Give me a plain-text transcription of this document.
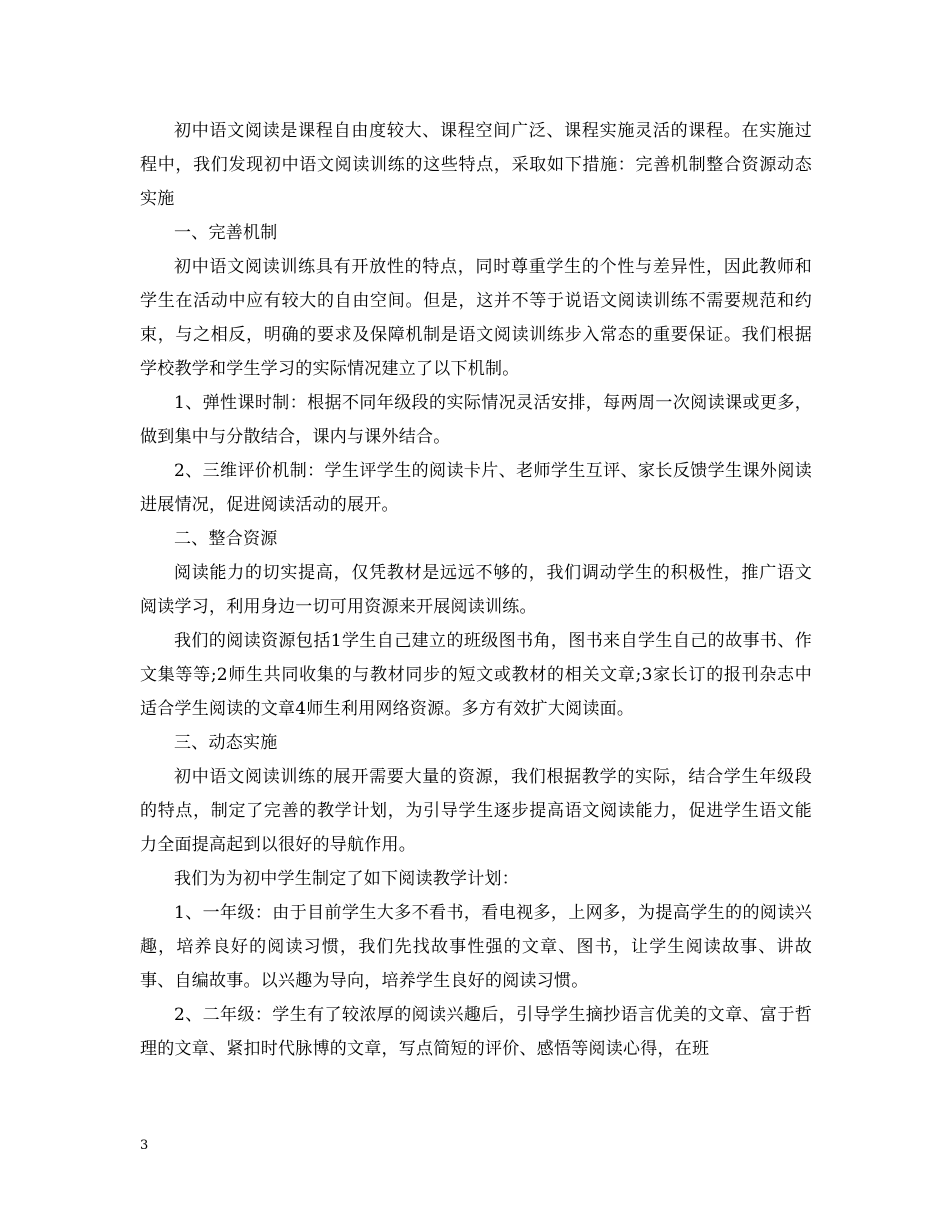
初中语文阅读是课程自由度较大、课程空间广泛、课程实施灵活的课程。在实施过程中，我们发现初中语文阅读训练的这些特点，采取如下措施：完善机制整合资源动态实施

一、完善机制

初中语文阅读训练具有开放性的特点，同时尊重学生的个性与差异性，因此教师和学生在活动中应有较大的自由空间。但是，这并不等于说语文阅读训练不需要规范和约束，与之相反，明确的要求及保障机制是语文阅读训练步入常态的重要保证。我们根据学校教学和学生学习的实际情况建立了以下机制。

1、弹性课时制：根据不同年级段的实际情况灵活安排，每两周一次阅读课或更多，做到集中与分散结合，课内与课外结合。

2、三维评价机制：学生评学生的阅读卡片、老师学生互评、家长反馈学生课外阅读进展情况，促进阅读活动的展开。

二、整合资源

阅读能力的切实提高，仅凭教材是远远不够的，我们调动学生的积极性，推广语文阅读学习，利用身边一切可用资源来开展阅读训练。

我们的阅读资源包括1学生自己建立的班级图书角，图书来自学生自己的故事书、作文集等等;2师生共同收集的与教材同步的短文或教材的相关文章;3家长订的报刊杂志中适合学生阅读的文章4师生利用网络资源。多方有效扩大阅读面。

三、动态实施

初中语文阅读训练的展开需要大量的资源，我们根据教学的实际，结合学生年级段的特点，制定了完善的教学计划，为引导学生逐步提高语文阅读能力，促进学生语文能力全面提高起到以很好的导航作用。

我们为为初中学生制定了如下阅读教学计划：

1、一年级：由于目前学生大多不看书，看电视多，上网多，为提高学生的的阅读兴趣，培养良好的阅读习惯，我们先找故事性强的文章、图书，让学生阅读故事、讲故事、自编故事。以兴趣为导向，培养学生良好的阅读习惯。

2、二年级：学生有了较浓厚的阅读兴趣后，引导学生摘抄语言优美的文章、富于哲理的文章、紧扣时代脉博的文章，写点简短的评价、感悟等阅读心得，在班

3
